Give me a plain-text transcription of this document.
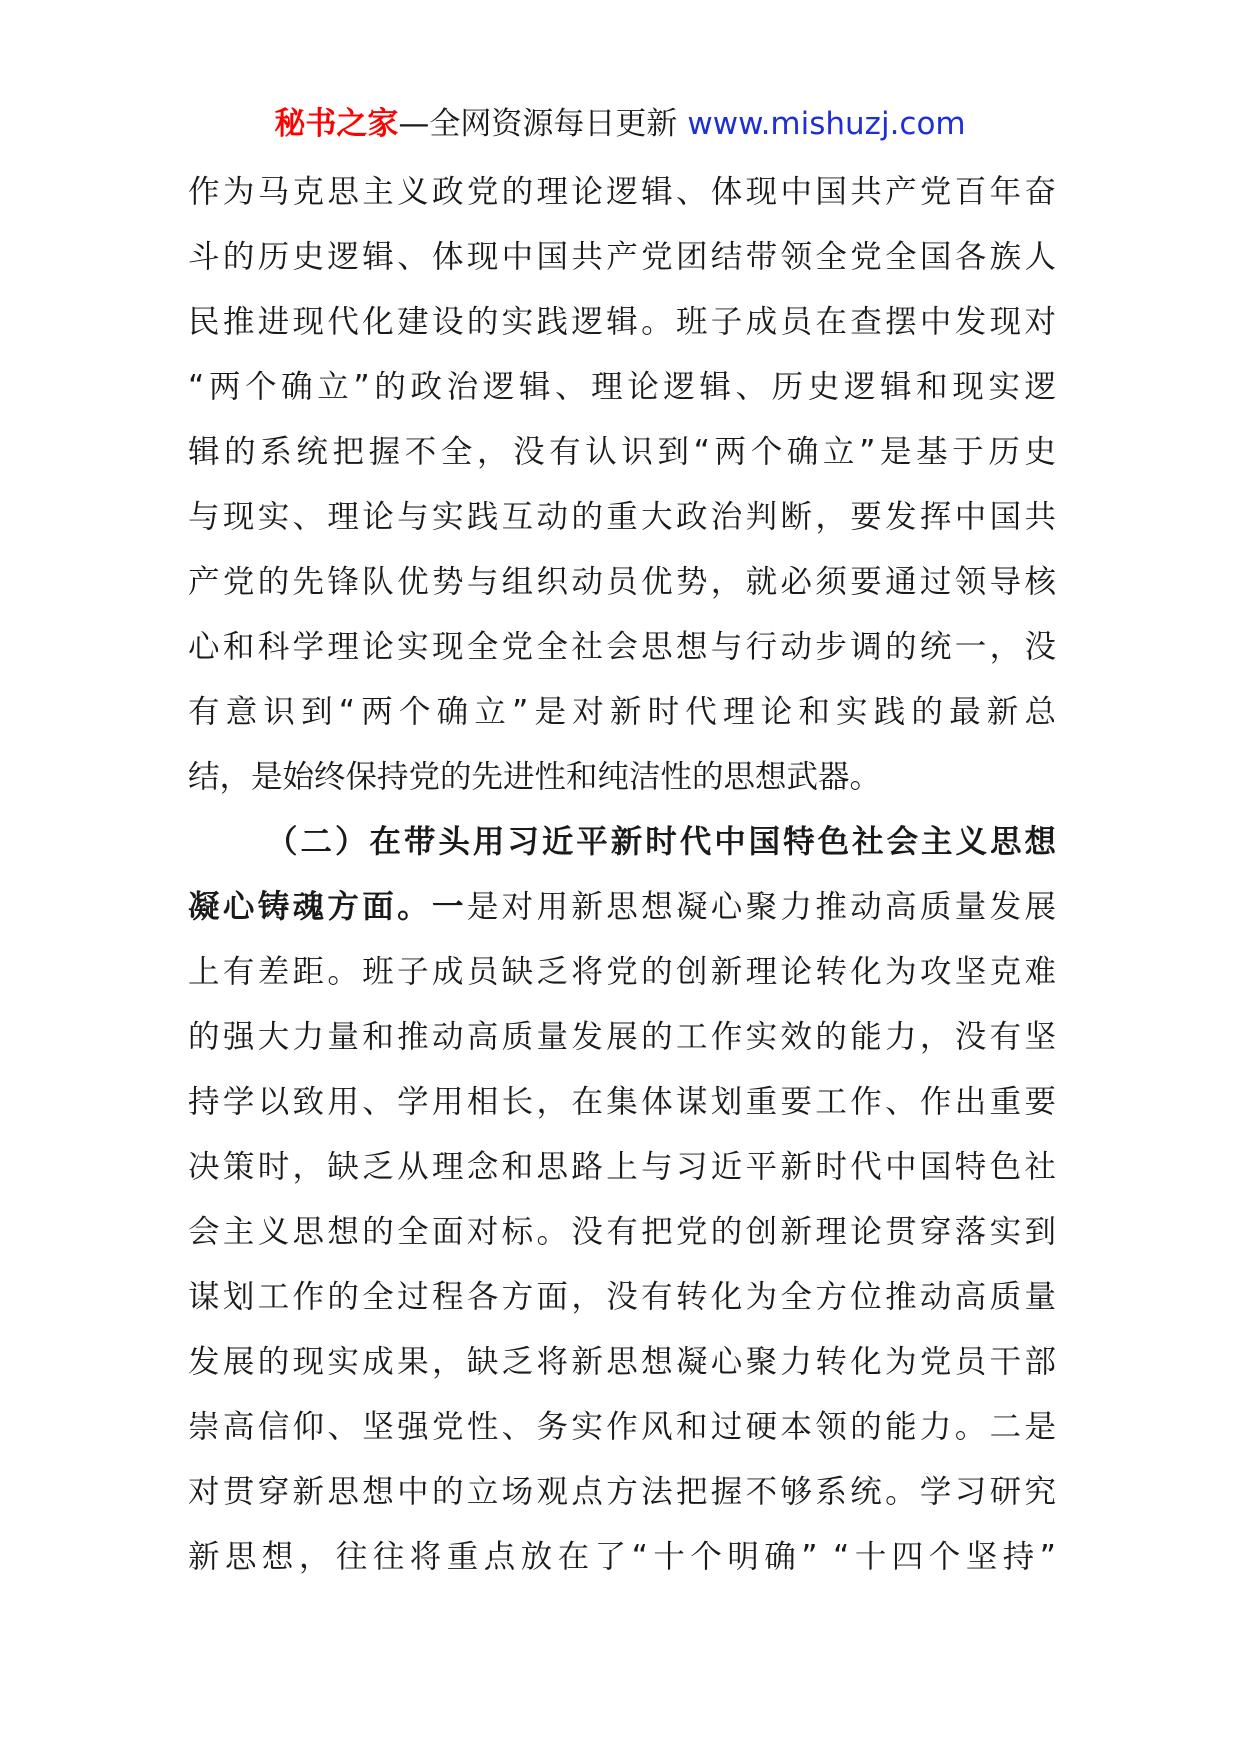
秘书之家—全网资源每日更新 www.mishuzj.com
作为马克思主义政党的理论逻辑、体现中国共产党百年奋
斗的历史逻辑、体现中国共产党团结带领全党全国各族人
民推进现代化建设的实践逻辑。班子成员在查摆中发现对
“两个确立”的政治逻辑、理论逻辑、历史逻辑和现实逻
辑的系统把握不全，没有认识到“两个确立”是基于历史
与现实、理论与实践互动的重大政治判断，要发挥中国共
产党的先锋队优势与组织动员优势，就必须要通过领导核
心和科学理论实现全党全社会思想与行动步调的统一，没
有意识到“两个确立”是对新时代理论和实践的最新总
结，是始终保持党的先进性和纯洁性的思想武器。
（二）在带头用习近平新时代中国特色社会主义思想
凝心铸魂方面。一是对用新思想凝心聚力推动高质量发展
上有差距。班子成员缺乏将党的创新理论转化为攻坚克难
的强大力量和推动高质量发展的工作实效的能力，没有坚
持学以致用、学用相长，在集体谋划重要工作、作出重要
决策时，缺乏从理念和思路上与习近平新时代中国特色社
会主义思想的全面对标。没有把党的创新理论贯穿落实到
谋划工作的全过程各方面，没有转化为全方位推动高质量
发展的现实成果，缺乏将新思想凝心聚力转化为党员干部
崇高信仰、坚强党性、务实作风和过硬本领的能力。二是
对贯穿新思想中的立场观点方法把握不够系统。学习研究
新思想，往往将重点放在了“十个明确” “十四个坚持”
